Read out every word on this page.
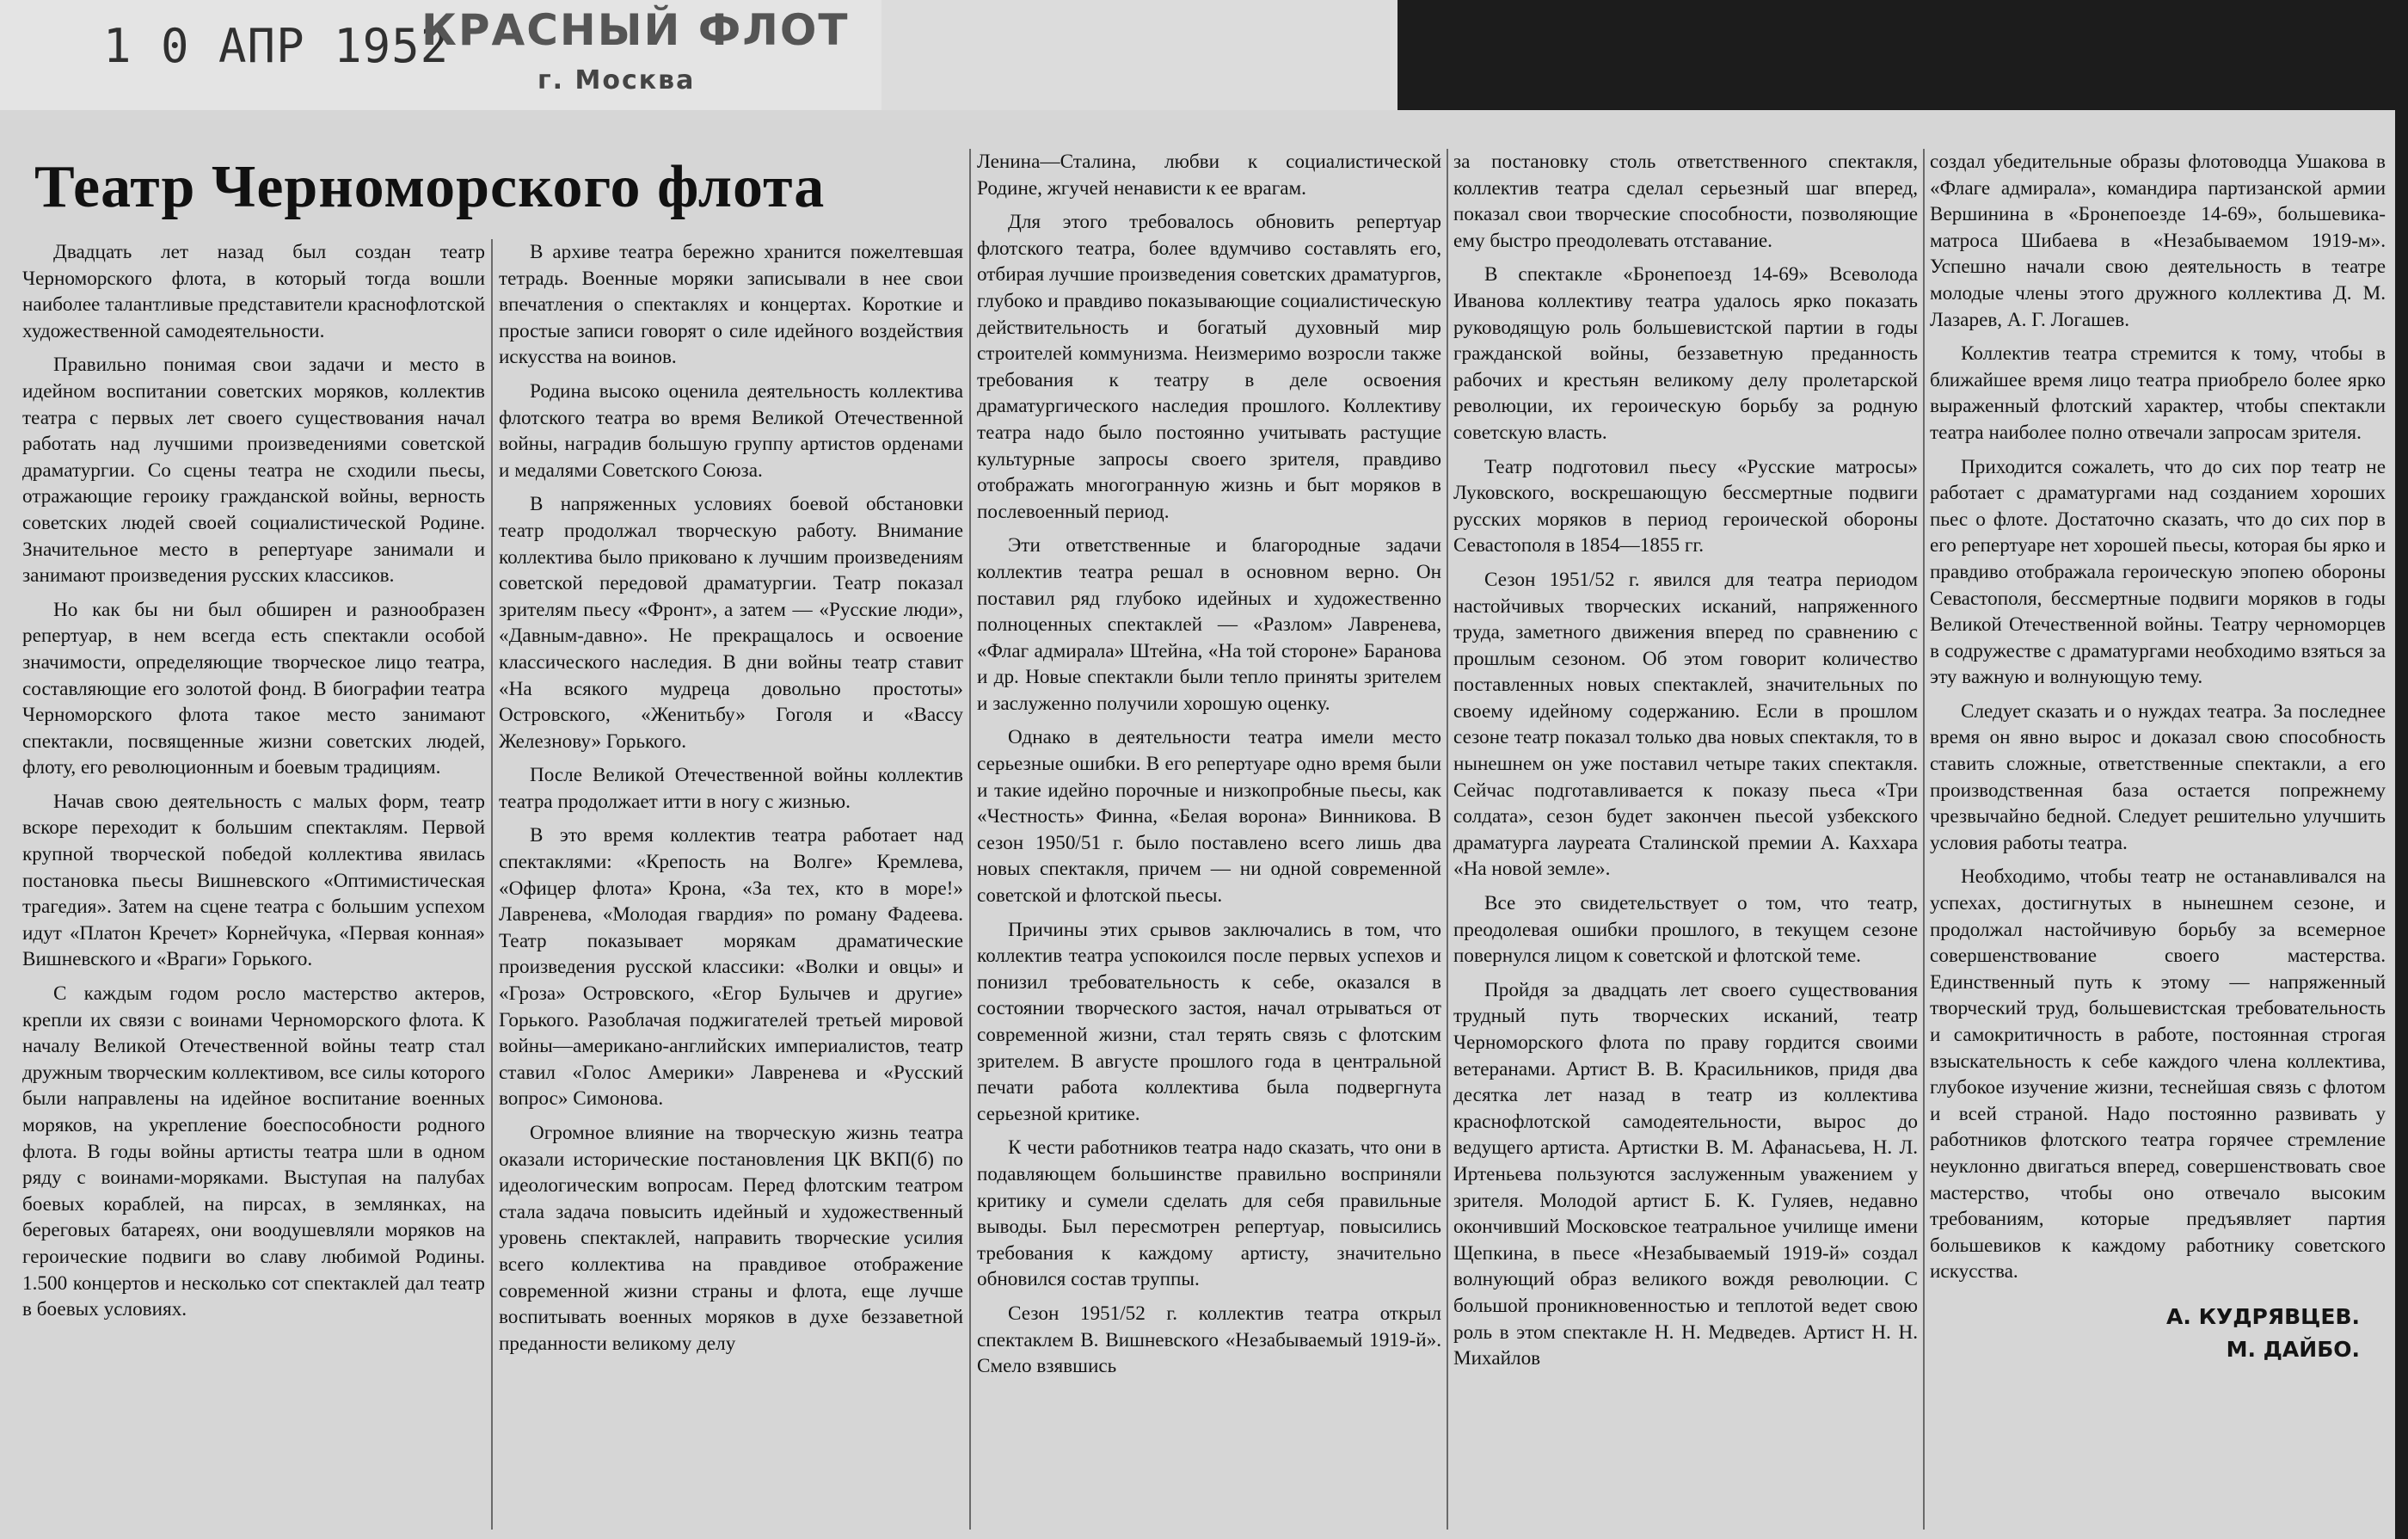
1 0 АПР 1952
КРАСНЫЙ ФЛОТ
г. Москва
Театр Черноморского флота

Двадцать лет назад был создан театр Черноморского флота, в который тогда вошли наиболее талантливые представители краснофлотской художественной самодеятельности.

Правильно понимая свои задачи и место в идейном воспитании советских моряков, коллектив театра с первых лет своего существования начал работать над лучшими произведениями советской драматургии. Со сцены театра не сходили пьесы, отражающие героику гражданской войны, верность советских людей своей социалистической Родине. Значительное место в репертуаре занимали и занимают произведения русских классиков.

Но как бы ни был обширен и разнообразен репертуар, в нем всегда есть спектакли особой значимости, определяющие творческое лицо театра, составляющие его золотой фонд. В биографии театра Черноморского флота такое место занимают спектакли, посвященные жизни советских людей, флоту, его революционным и боевым традициям.

Начав свою деятельность с малых форм, театр вскоре переходит к большим спектаклям. Первой крупной творческой победой коллектива явилась постановка пьесы Вишневского «Оптимистическая трагедия». Затем на сцене театра с большим успехом идут «Платон Кречет» Корнейчука, «Первая конная» Вишневского и «Враги» Горького.

С каждым годом росло мастерство актеров, крепли их связи с воинами Черноморского флота. К началу Великой Отечественной войны театр стал дружным творческим коллективом, все силы которого были направлены на идейное воспитание военных моряков, на укрепление боеспособности родного флота. В годы войны артисты театра шли в одном ряду с воинами-моряками. Выступая на палубах боевых кораблей, на пирсах, в землянках, на береговых батареях, они воодушевляли моряков на героические подвиги во славу любимой Родины. 1.500 концертов и несколько сот спектаклей дал театр в боевых условиях.

В архиве театра бережно хранится пожелтевшая тетрадь. Военные моряки записывали в нее свои впечатления о спектаклях и концертах. Короткие и простые записи говорят о силе идейного воздействия искусства на воинов.

Родина высоко оценила деятельность коллектива флотского театра во время Великой Отечественной войны, наградив большую группу артистов орденами и медалями Советского Союза.

В напряженных условиях боевой обстановки театр продолжал творческую работу. Внимание коллектива было приковано к лучшим произведениям советской передовой драматургии. Театр показал зрителям пьесу «Фронт», а затем — «Русские люди», «Давным-давно». Не прекращалось и освоение классического наследия. В дни войны театр ставит «На всякого мудреца довольно простоты» Островского, «Женитьбу» Гоголя и «Вассу Железнову» Горького.

После Великой Отечественной войны коллектив театра продолжает итти в ногу с жизнью.

В это время коллектив театра работает над спектаклями: «Крепость на Волге» Кремлева, «Офицер флота» Крона, «За тех, кто в море!» Лавренева, «Молодая гвардия» по роману Фадеева. Театр показывает морякам драматические произведения русской классики: «Волки и овцы» и «Гроза» Островского, «Егор Булычев и другие» Горького. Разоблачая поджигателей третьей мировой войны—американо-английских империалистов, театр ставил «Голос Америки» Лавренева и «Русский вопрос» Симонова.

Огромное влияние на творческую жизнь театра оказали исторические постановления ЦК ВКП(б) по идеологическим вопросам. Перед флотским театром стала задача повысить идейный и художественный уровень спектаклей, направить творческие усилия всего коллектива на правдивое отображение современной жизни страны и флота, еще лучше воспитывать военных моряков в духе беззаветной преданности великому делу

Ленина—Сталина, любви к социалистической Родине, жгучей ненависти к ее врагам.

Для этого требовалось обновить репертуар флотского театра, более вдумчиво составлять его, отбирая лучшие произведения советских драматургов, глубоко и правдиво показывающие социалистическую действительность и богатый духовный мир строителей коммунизма. Неизмеримо возросли также требования к театру в деле освоения драматургического наследия прошлого. Коллективу театра надо было постоянно учитывать растущие культурные запросы своего зрителя, правдиво отображать многогранную жизнь и быт моряков в послевоенный период.

Эти ответственные и благородные задачи коллектив театра решал в основном верно. Он поставил ряд глубоко идейных и художественно полноценных спектаклей — «Разлом» Лавренева, «Флаг адмирала» Штейна, «На той стороне» Баранова и др. Новые спектакли были тепло приняты зрителем и заслуженно получили хорошую оценку.

Однако в деятельности театра имели место серьезные ошибки. В его репертуаре одно время были и такие идейно порочные и низкопробные пьесы, как «Честность» Финна, «Белая ворона» Винникова. В сезон 1950/51 г. было поставлено всего лишь два новых спектакля, причем — ни одной современной советской и флотской пьесы.

Причины этих срывов заключались в том, что коллектив театра успокоился после первых успехов и понизил требовательность к себе, оказался в состоянии творческого застоя, начал отрываться от современной жизни, стал терять связь с флотским зрителем. В августе прошлого года в центральной печати работа коллектива была подвергнута серьезной критике.

К чести работников театра надо сказать, что они в подавляющем большинстве правильно восприняли критику и сумели сделать для себя правильные выводы. Был пересмотрен репертуар, повысились требования к каждому артисту, значительно обновился состав труппы.

Сезон 1951/52 г. коллектив театра открыл спектаклем В. Вишневского «Незабываемый 1919-й». Смело взявшись

за постановку столь ответственного спектакля, коллектив театра сделал серьезный шаг вперед, показал свои творческие способности, позволяющие ему быстро преодолевать отставание.

В спектакле «Бронепоезд 14-69» Всеволода Иванова коллективу театра удалось ярко показать руководящую роль большевистской партии в годы гражданской войны, беззаветную преданность рабочих и крестьян великому делу пролетарской революции, их героическую борьбу за родную советскую власть.

Театр подготовил пьесу «Русские матросы» Луковского, воскрешающую бессмертные подвиги русских моряков в период героической обороны Севастополя в 1854—1855 гг.

Сезон 1951/52 г. явился для театра периодом настойчивых творческих исканий, напряженного труда, заметного движения вперед по сравнению с прошлым сезоном. Об этом говорит количество поставленных новых спектаклей, значительных по своему идейному содержанию. Если в прошлом сезоне театр показал только два новых спектакля, то в нынешнем он уже поставил четыре таких спектакля. Сейчас подготавливается к показу пьеса «Три солдата», сезон будет закончен пьесой узбекского драматурга лауреата Сталинской премии А. Каххара «На новой земле».

Все это свидетельствует о том, что театр, преодолевая ошибки прошлого, в текущем сезоне повернулся лицом к советской и флотской теме.

Пройдя за двадцать лет своего существования трудный путь творческих исканий, театр Черноморского флота по праву гордится своими ветеранами. Артист В. В. Красильников, придя два десятка лет назад в театр из коллектива краснофлотской самодеятельности, вырос до ведущего артиста. Артистки В. М. Афанасьева, Н. Л. Иртеньева пользуются заслуженным уважением у зрителя. Молодой артист Б. К. Гуляев, недавно окончивший Московское театральное училище имени Щепкина, в пьесе «Незабываемый 1919-й» создал волнующий образ великого вождя революции. С большой проникновенностью и теплотой ведет свою роль в этом спектакле Н. Н. Медведев. Артист Н. Н. Михайлов

создал убедительные образы флотоводца Ушакова в «Флаге адмирала», командира партизанской армии Вершинина в «Бронепоезде 14-69», большевика-матроса Шибаева в «Незабываемом 1919-м». Успешно начали свою деятельность в театре молодые члены этого дружного коллектива Д. М. Лазарев, А. Г. Логашев.

Коллектив театра стремится к тому, чтобы в ближайшее время лицо театра приобрело более ярко выраженный флотский характер, чтобы спектакли театра наиболее полно отвечали запросам зрителя.

Приходится сожалеть, что до сих пор театр не работает с драматургами над созданием хороших пьес о флоте. Достаточно сказать, что до сих пор в его репертуаре нет хорошей пьесы, которая бы ярко и правдиво отображала героическую эпопею обороны Севастополя, бессмертные подвиги моряков в годы Великой Отечественной войны. Театру черноморцев в содружестве с драматургами необходимо взяться за эту важную и волнующую тему.

Следует сказать и о нуждах театра. За последнее время он явно вырос и доказал свою способность ставить сложные, ответственные спектакли, а его производственная база остается попрежнему чрезвычайно бедной. Следует решительно улучшить условия работы театра.

Необходимо, чтобы театр не останавливался на успехах, достигнутых в нынешнем сезоне, и продолжал настойчивую борьбу за всемерное совершенствование своего мастерства. Единственный путь к этому — напряженный творческий труд, большевистская требовательность и самокритичность в работе, постоянная строгая взыскательность к себе каждого члена коллектива, глубокое изучение жизни, теснейшая связь с флотом и всей страной. Надо постоянно развивать у работников флотского театра горячее стремление неуклонно двигаться вперед, совершенствовать свое мастерство, чтобы оно отвечало высоким требованиям, которые предъявляет партия большевиков к каждому работнику советского искусства.

А. КУДРЯВЦЕВ.
М. ДАЙБО.
